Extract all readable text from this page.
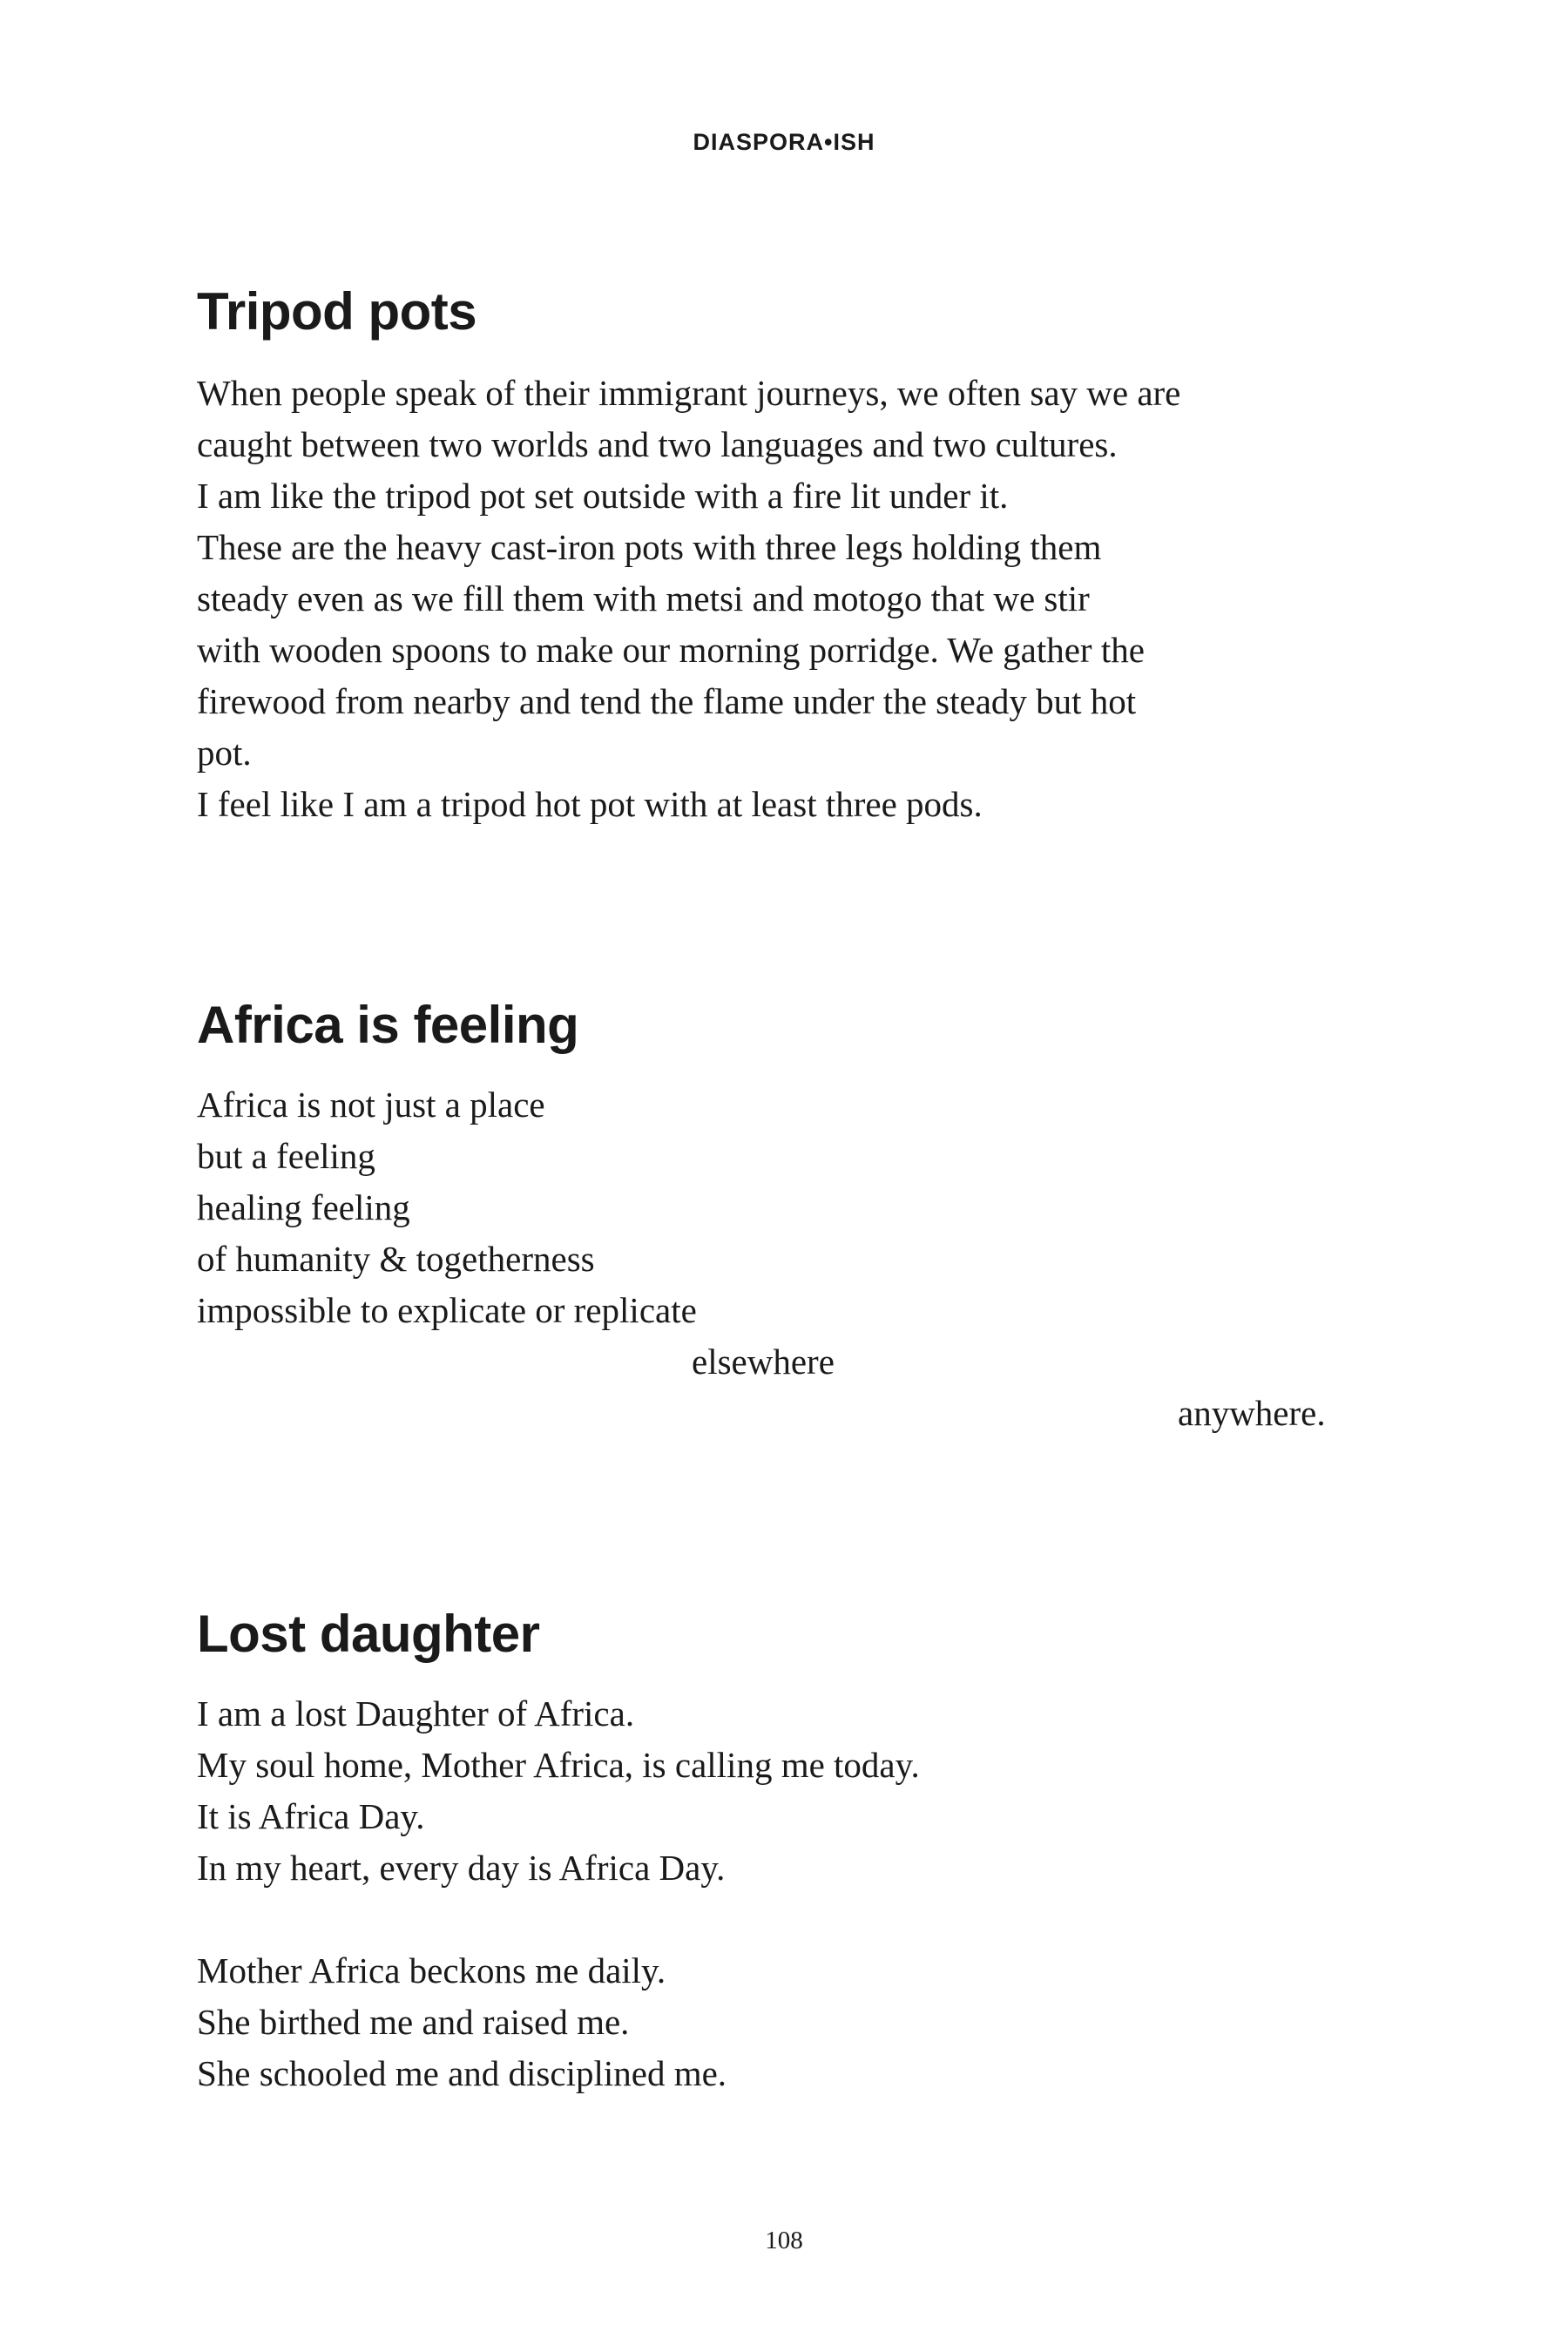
DIASPORA•ISH
Tripod pots
When people speak of their immigrant journeys, we often say we are
caught between two worlds and two languages and two cultures.
I am like the tripod pot set outside with a fire lit under it.
These are the heavy cast-iron pots with three legs holding them
steady even as we fill them with metsi and motogo that we stir
with wooden spoons to make our morning porridge. We gather the
firewood from nearby and tend the flame under the steady but hot
pot.
I feel like I am a tripod hot pot with at least three pods.
Africa is feeling
Africa is not just a place
but a feeling
healing feeling
of humanity & togetherness
impossible to explicate or replicate
elsewhere
anywhere.
Lost daughter
I am a lost Daughter of Africa.
My soul home, Mother Africa, is calling me today.
It is Africa Day.
In my heart, every day is Africa Day.
Mother Africa beckons me daily.
She birthed me and raised me.
She schooled me and disciplined me.
108
